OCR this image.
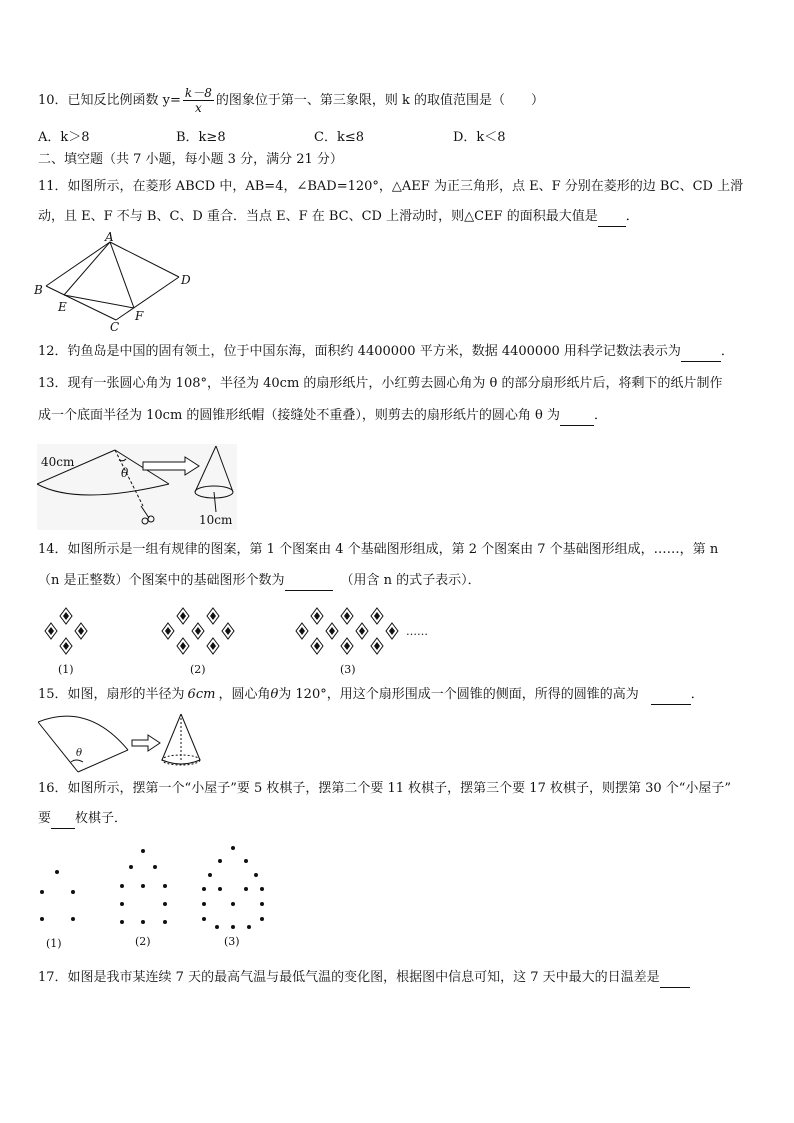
10．已知反比例函数 $y= \frac{k-8}{x}$ 的图象位于第一、第三象限，则 k 的取值范围是（　　）
A．k＞8	B．k≥8	C．k≤8	D．k＜8
二、填空题（共 7 小题，每小题 3 分，满分 21 分）
11．如图所示，在菱形 ABCD 中，AB=4，∠BAD=120°，△AEF 为正三角形，点 E、F 分别在菱形的边 BC、CD 上滑
动，且 E、F 不与 B、C、D 重合．当点 E、F 在 BC、CD 上滑动时，则△CEF 的面积最大值是 ．
A
B
D
E
C
F
12．钓鱼岛是中国的固有领土，位于中国东海，面积约 4400000 平方米，数据 4400000 用科学记数法表示为	．
13．现有一张圆心角为 108°，半径为 40cm 的扇形纸片，小红剪去圆心角为 θ 的部分扇形纸片后，将剩下的纸片制作
成一个底面半径为 10cm 的圆锥形纸帽（接缝处不重叠），则剪去的扇形纸片的圆心角 θ 为	．
40cm
θ
10cm
14．如图所示是一组有规律的图案，第 1 个图案由 4 个基础图形组成，第 2 个图案由 7 个基础图形组成，……，第 n
（n 是正整数）个图案中的基础图形个数为	（用含 n 的式子表示）．
……
(1)	(2)	(3)
15．如图，扇形的半径为 6cm ，圆心角θ为 120°，用这个扇形围成一个圆锥的侧面，所得的圆锥的高为	．
θ
16．如图所示，摆第一个“小屋子”要 5 枚棋子，摆第二个要 11 枚棋子，摆第三个要 17 枚棋子，则摆第 30 个“小屋子”
要 枚棋子．
(1)	(2)	(3)
17．如图是我市某连续 7 天的最高气温与最低气温的变化图，根据图中信息可知，这 7 天中最大的日温差是
